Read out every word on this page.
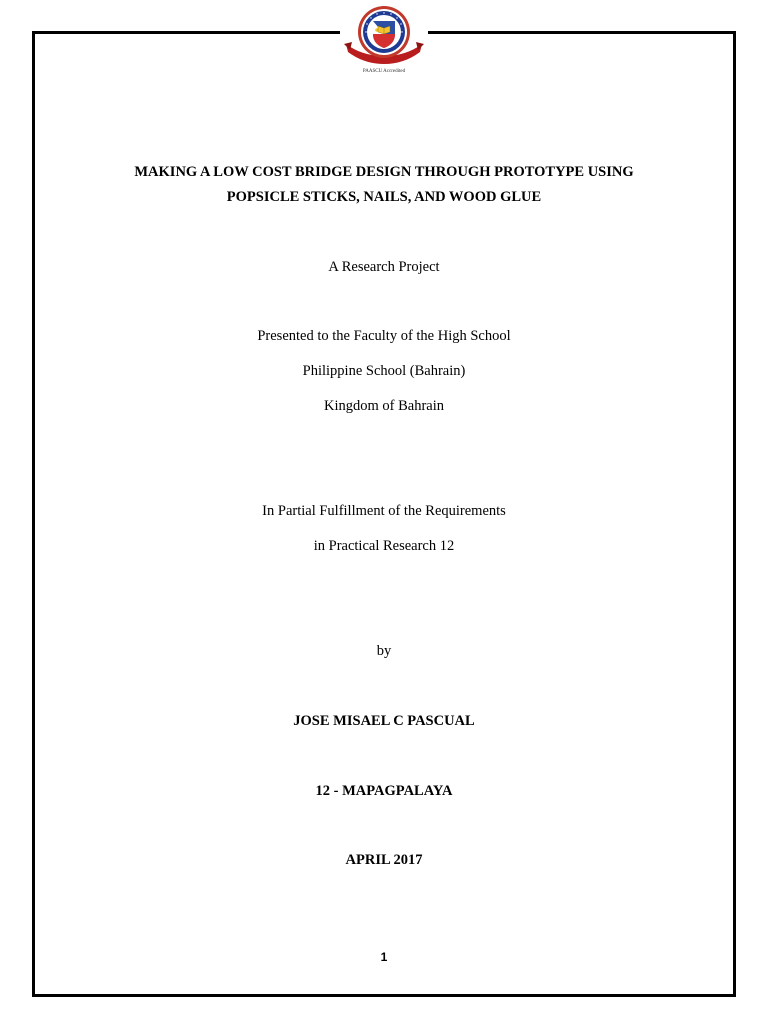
PAASCU Accredited
MAKING A LOW COST BRIDGE DESIGN THROUGH PROTOTYPE USING
POPSICLE STICKS, NAILS, AND WOOD GLUE
A Research Project
Presented to the Faculty of the High School
Philippine School (Bahrain)
Kingdom of Bahrain
In Partial Fulfillment of the Requirements
in Practical Research 12
by
JOSE MISAEL C PASCUAL
12 - MAPAGPALAYA
APRIL 2017
1
